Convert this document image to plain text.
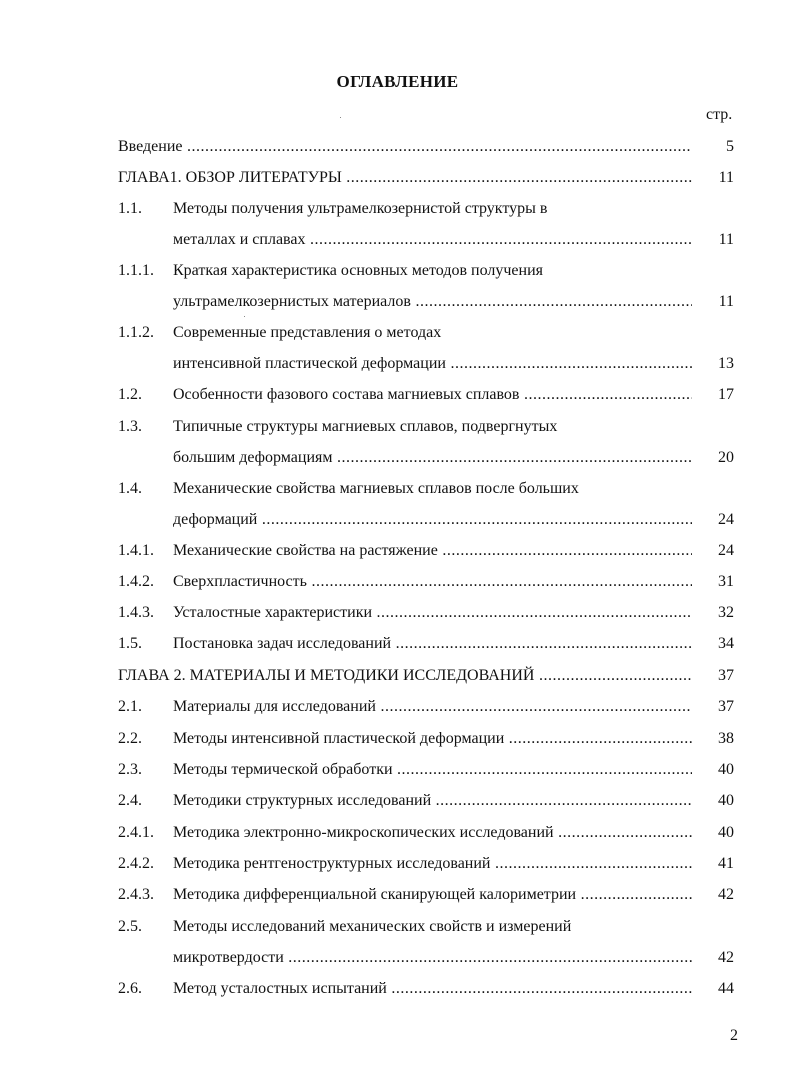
ОГЛАВЛЕНИЕ
стр.
Введение .....	5
ГЛАВА1. ОБЗОР ЛИТЕРАТУРЫ .....	11
1.1. Методы получения ультрамелкозернистой структуры в
металлах и сплавах .....	11
1.1.1. Краткая характеристика основных методов получения
ультрамелкозернистых материалов .....	11
1.1.2. Современные представления о методах
интенсивной пластической деформации .....	13
1.2. Особенности фазового состава магниевых сплавов .....	17
1.3. Типичные структуры магниевых сплавов, подвергнутых
большим деформациям .....	20
1.4. Механические свойства магниевых сплавов после больших
деформаций .....	24
1.4.1. Механические свойства на растяжение .....	24
1.4.2. Сверхпластичность .....	31
1.4.3. Усталостные характеристики .....	32
1.5. Постановка задач исследований .....	34
ГЛАВА 2. МАТЕРИАЛЫ И МЕТОДИКИ ИССЛЕДОВАНИЙ .....	37
2.1. Материалы для исследований .....	37
2.2. Методы интенсивной пластической деформации .....	38
2.3. Методы термической обработки .....	40
2.4. Методики структурных исследований .....	40
2.4.1. Методика электронно-микроскопических исследований .....	40
2.4.2. Методика рентгеноструктурных исследований .....	41
2.4.3. Методика дифференциальной сканирующей калориметрии .....	42
2.5. Методы исследований механических свойств и измерений
микротвердости .....	42
2.6. Метод усталостных испытаний .....	44
2
